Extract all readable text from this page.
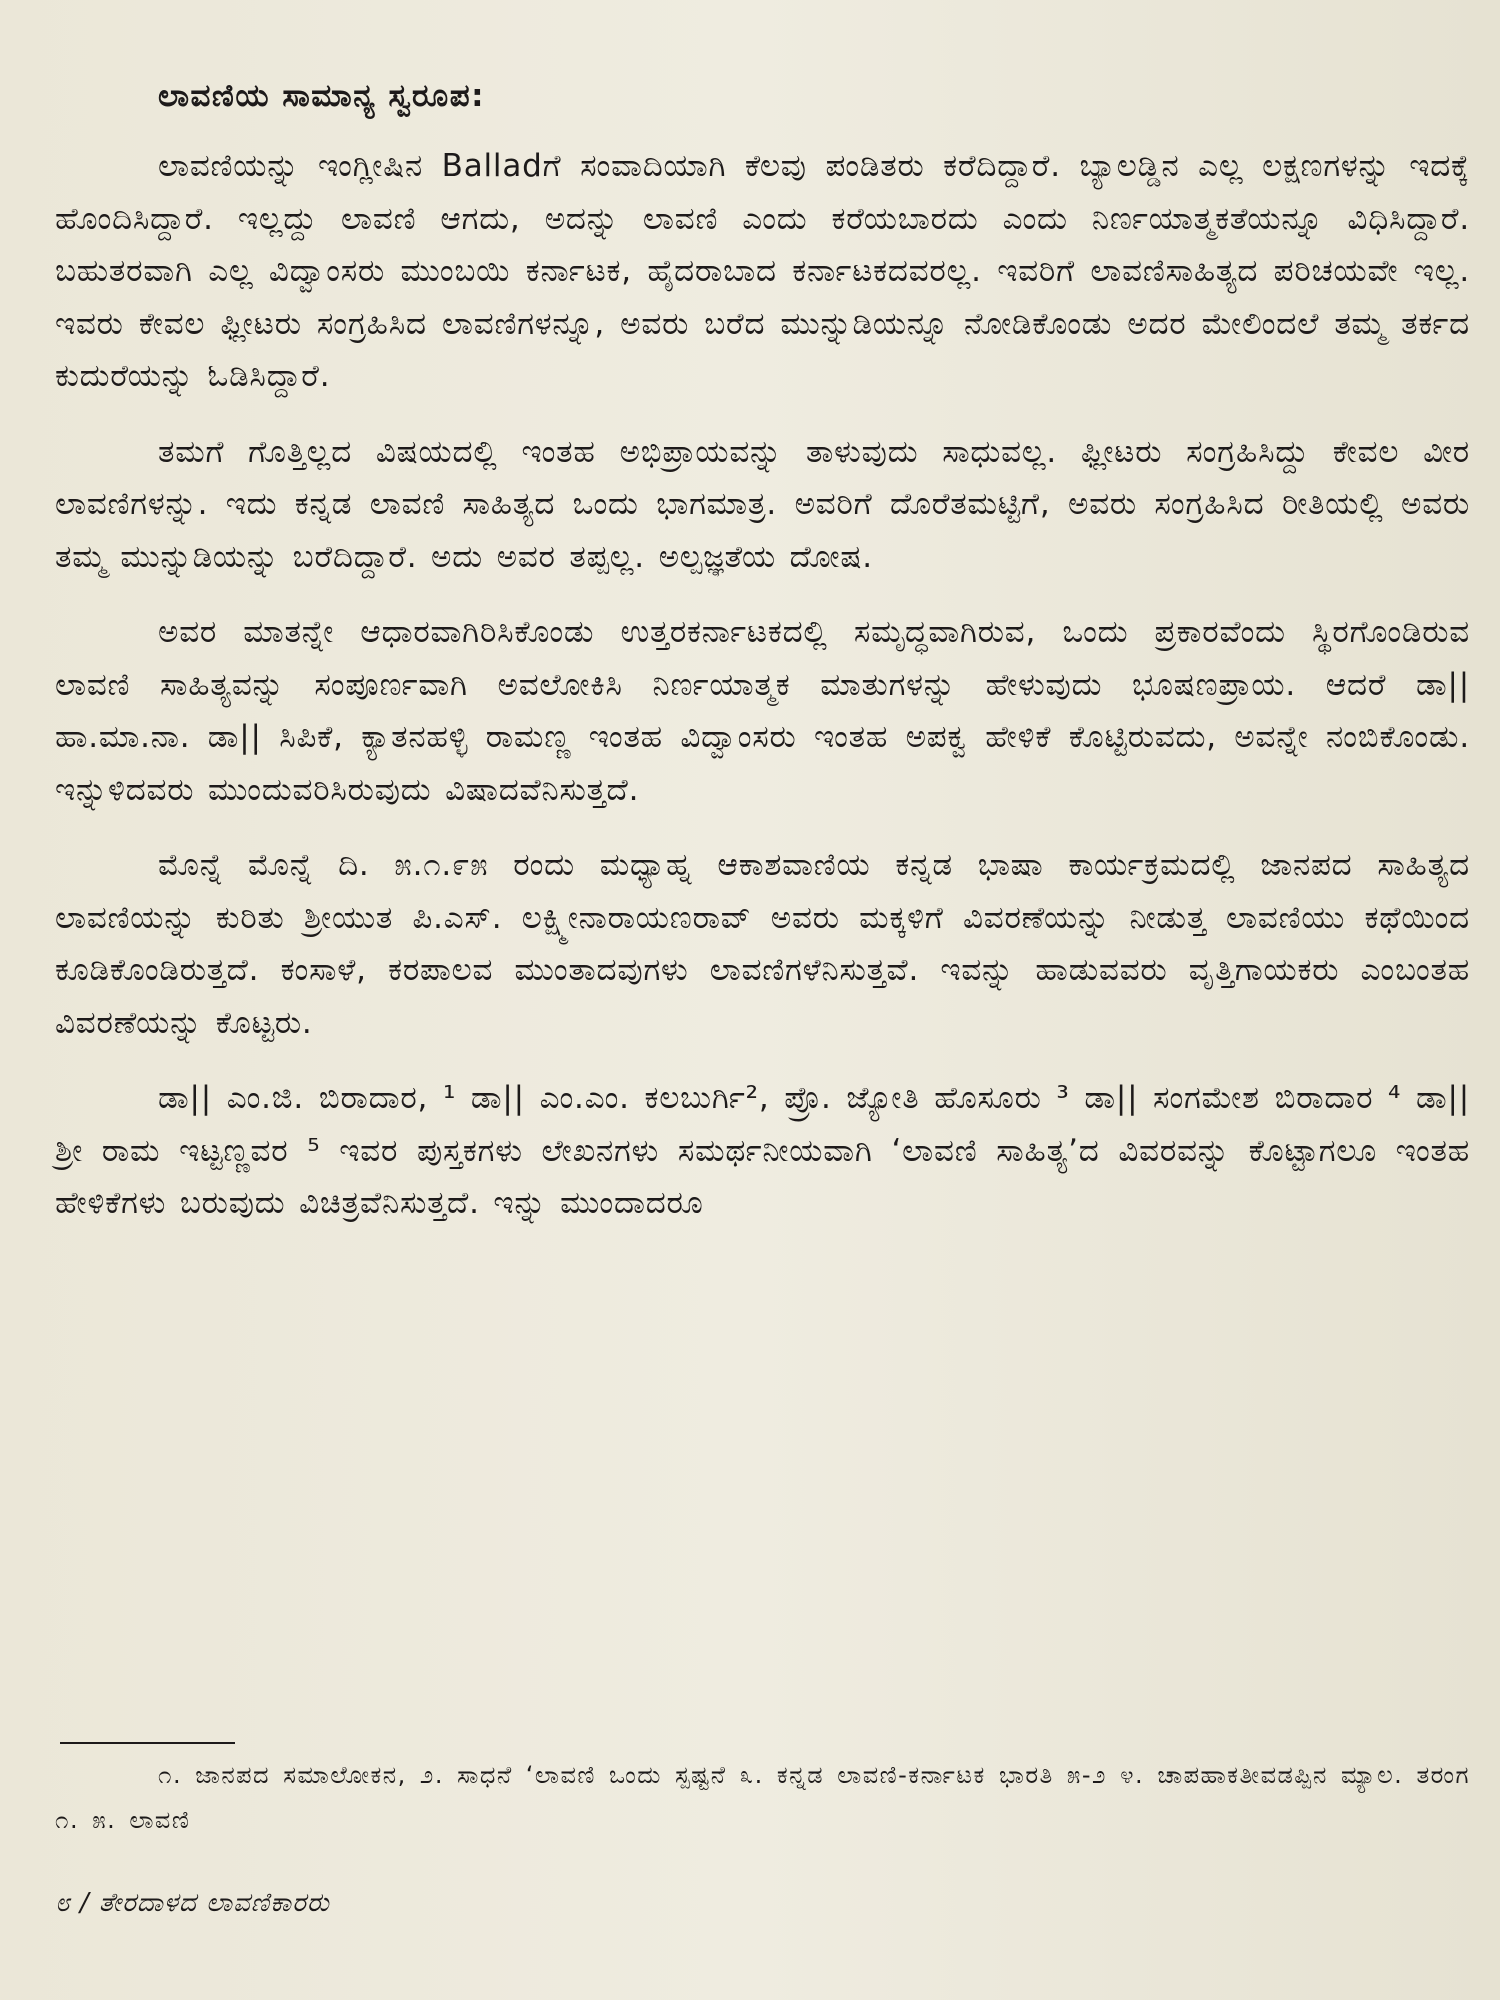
ಲಾವಣಿಯ ಸಾಮಾನ್ಯ ಸ್ವರೂಪ:

ಲಾವಣಿಯನ್ನು ಇಂಗ್ಲೀಷಿನ Balladಗೆ ಸಂವಾದಿಯಾಗಿ ಕೆಲವು ಪಂಡಿತರು ಕರೆದಿದ್ದಾರೆ. ಬ್ಯಾಲಡ್ಡಿನ ಎಲ್ಲ ಲಕ್ಷಣಗಳನ್ನು ಇದಕ್ಕೆ ಹೊಂದಿಸಿದ್ದಾರೆ. ಇಲ್ಲದ್ದು ಲಾವಣಿ ಆಗದು, ಅದನ್ನು ಲಾವಣಿ ಎಂದು ಕರೆಯಬಾರದು ಎಂದು ನಿರ್ಣಯಾತ್ಮಕತೆಯನ್ನೂ ವಿಧಿಸಿದ್ದಾರೆ. ಬಹುತರವಾಗಿ ಎಲ್ಲ ವಿದ್ವಾಂಸರು ಮುಂಬಯಿ ಕರ್ನಾಟಕ, ಹೈದರಾಬಾದ ಕರ್ನಾಟಕದವರಲ್ಲ. ಇವರಿಗೆ ಲಾವಣಿಸಾಹಿತ್ಯದ ಪರಿಚಯವೇ ಇಲ್ಲ. ಇವರು ಕೇವಲ ಫ್ಲೀಟರು ಸಂಗ್ರಹಿಸಿದ ಲಾವಣಿಗಳನ್ನೂ, ಅವರು ಬರೆದ ಮುನ್ನುಡಿಯನ್ನೂ ನೋಡಿಕೊಂಡು ಅದರ ಮೇಲಿಂದಲೆ ತಮ್ಮ ತರ್ಕದ ಕುದುರೆಯನ್ನು ಓಡಿಸಿದ್ದಾರೆ.

ತಮಗೆ ಗೊತ್ತಿಲ್ಲದ ವಿಷಯದಲ್ಲಿ ಇಂತಹ ಅಭಿಪ್ರಾಯವನ್ನು ತಾಳುವುದು ಸಾಧುವಲ್ಲ. ಫ್ಲೀಟರು ಸಂಗ್ರಹಿಸಿದ್ದು ಕೇವಲ ವೀರ ಲಾವಣಿಗಳನ್ನು. ಇದು ಕನ್ನಡ ಲಾವಣಿ ಸಾಹಿತ್ಯದ ಒಂದು ಭಾಗಮಾತ್ರ. ಅವರಿಗೆ ದೊರೆತಮಟ್ಟಿಗೆ, ಅವರು ಸಂಗ್ರಹಿಸಿದ ರೀತಿಯಲ್ಲಿ ಅವರು ತಮ್ಮ ಮುನ್ನುಡಿಯನ್ನು ಬರೆದಿದ್ದಾರೆ. ಅದು ಅವರ ತಪ್ಪಲ್ಲ. ಅಲ್ಪಜ್ಞತೆಯ ದೋಷ.

ಅವರ ಮಾತನ್ನೇ ಆಧಾರವಾಗಿರಿಸಿಕೊಂಡು ಉತ್ತರಕರ್ನಾಟಕದಲ್ಲಿ ಸಮೃದ್ಧವಾಗಿರುವ, ಒಂದು ಪ್ರಕಾರವೆಂದು ಸ್ಥಿರಗೊಂಡಿರುವ ಲಾವಣಿ ಸಾಹಿತ್ಯವನ್ನು ಸಂಪೂರ್ಣವಾಗಿ ಅವಲೋಕಿಸಿ ನಿರ್ಣಯಾತ್ಮಕ ಮಾತುಗಳನ್ನು ಹೇಳುವುದು ಭೂಷಣಪ್ರಾಯ. ಆದರೆ ಡಾ|| ಹಾ.ಮಾ.ನಾ. ಡಾ|| ಸಿಪಿಕೆ, ಕ್ಯಾತನಹಳ್ಳಿ ರಾಮಣ್ಣ ಇಂತಹ ವಿದ್ವಾಂಸರು ಇಂತಹ ಅಪಕ್ವ ಹೇಳಿಕೆ ಕೊಟ್ಟಿರುವದು, ಅವನ್ನೇ ನಂಬಿಕೊಂಡು. ಇನ್ನುಳಿದವರು ಮುಂದುವರಿಸಿರುವುದು ವಿಷಾದವೆನಿಸುತ್ತದೆ.

ಮೊನ್ನೆ ಮೊನ್ನೆ ದಿ. ೫.೧.೯೫ ರಂದು ಮಧ್ಯಾಹ್ನ ಆಕಾಶವಾಣಿಯ ಕನ್ನಡ ಭಾಷಾ ಕಾರ್ಯಕ್ರಮದಲ್ಲಿ ಜಾನಪದ ಸಾಹಿತ್ಯದ ಲಾವಣಿಯನ್ನು ಕುರಿತು ಶ್ರೀಯುತ ಪಿ.ಎಸ್. ಲಕ್ಷ್ಮೀನಾರಾಯಣರಾವ್ ಅವರು ಮಕ್ಕಳಿಗೆ ವಿವರಣೆಯನ್ನು ನೀಡುತ್ತ ಲಾವಣಿಯು ಕಥೆಯಿಂದ ಕೂಡಿಕೊಂಡಿರುತ್ತದೆ. ಕಂಸಾಳೆ, ಕರಪಾಲವ ಮುಂತಾದವುಗಳು ಲಾವಣಿಗಳೆನಿಸುತ್ತವೆ. ಇವನ್ನು ಹಾಡುವವರು ವೃತ್ತಿಗಾಯಕರು ಎಂಬಂತಹ ವಿವರಣೆಯನ್ನು ಕೊಟ್ಟರು.

ಡಾ|| ಎಂ.ಜಿ. ಬಿರಾದಾರ, ¹ ಡಾ|| ಎಂ.ಎಂ. ಕಲಬುರ್ಗಿ², ಪ್ರೊ. ಜ್ಯೋತಿ ಹೊಸೂರು ³ ಡಾ|| ಸಂಗಮೇಶ ಬಿರಾದಾರ ⁴ ಡಾ|| ಶ್ರೀ ರಾಮ ಇಟ್ಟಣ್ಣವರ ⁵ ಇವರ ಪುಸ್ತಕಗಳು ಲೇಖನಗಳು ಸಮರ್ಥನೀಯವಾಗಿ ‘ಲಾವಣಿ ಸಾಹಿತ್ಯ’ದ ವಿವರವನ್ನು ಕೊಟ್ಟಾಗಲೂ ಇಂತಹ ಹೇಳಿಕೆಗಳು ಬರುವುದು ವಿಚಿತ್ರವೆನಿಸುತ್ತದೆ. ಇನ್ನು ಮುಂದಾದರೂ

೧. ಜಾನಪದ ಸಮಾಲೋಕನ, ೨. ಸಾಧನೆ ‘ಲಾವಣಿ ಒಂದು ಸ್ಪಷ್ಟನೆ ೩. ಕನ್ನಡ ಲಾವಣಿ-ಕರ್ನಾಟಕ ಭಾರತಿ ೫-೨ ೪. ಚಾಪಹಾಕತೀವಡಪ್ಪಿನ ಮ್ಯಾಲ. ತರಂಗ ೧. ೫. ಲಾವಣಿ
೮ / ತೇರದಾಳದ ಲಾವಣಿಕಾರರು
